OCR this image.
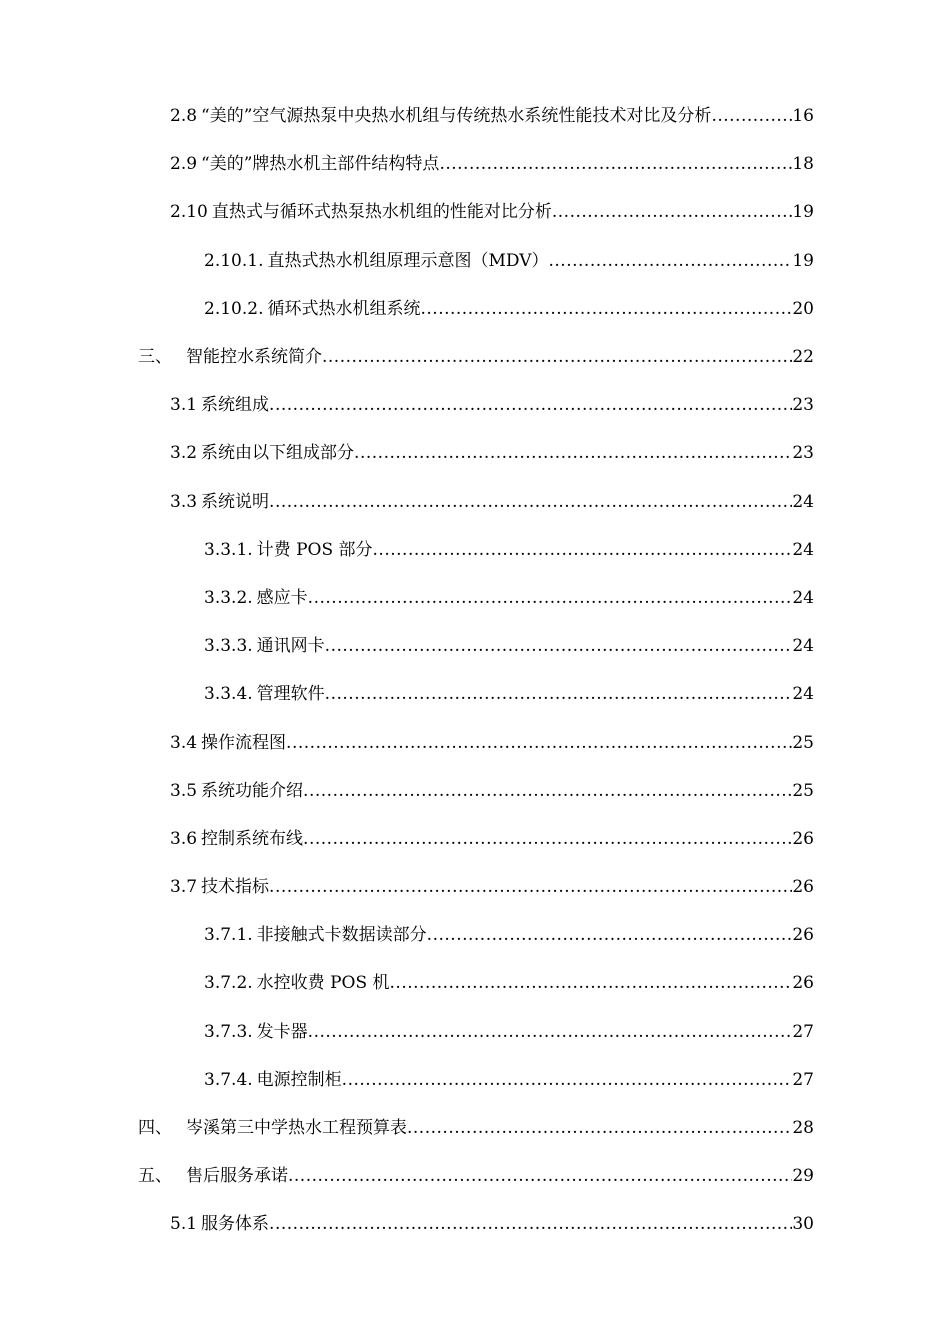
2.8 “美的”空气源热泵中央热水机组与传统热水系统性能技术对比及分析 .....	16
2.9 “美的”牌热水机主部件结构特点 .....	18
2.10 直热式与循环式热泵热水机组的性能对比分析 .....	19
2.10.1. 直热式热水机组原理示意图（MDV） .....	19
2.10.2. 循环式热水机组系统 .....	20
三、 智能控水系统简介 .....	22
3.1 系统组成 .....	23
3.2 系统由以下组成部分 .....	23
3.3 系统说明 .....	24
3.3.1. 计费 POS 部分 .....	24
3.3.2. 感应卡 .....	24
3.3.3. 通讯网卡 .....	24
3.3.4. 管理软件 .....	24
3.4 操作流程图 .....	25
3.5 系统功能介绍 .....	25
3.6 控制系统布线 .....	26
3.7 技术指标 .....	26
3.7.1. 非接触式卡数据读部分 .....	26
3.7.2. 水控收费 POS 机 .....	26
3.7.3. 发卡器 .....	27
3.7.4. 电源控制柜 .....	27
四、 岑溪第三中学热水工程预算表 .....	28
五、 售后服务承诺 .....	29
5.1 服务体系 .....	30
